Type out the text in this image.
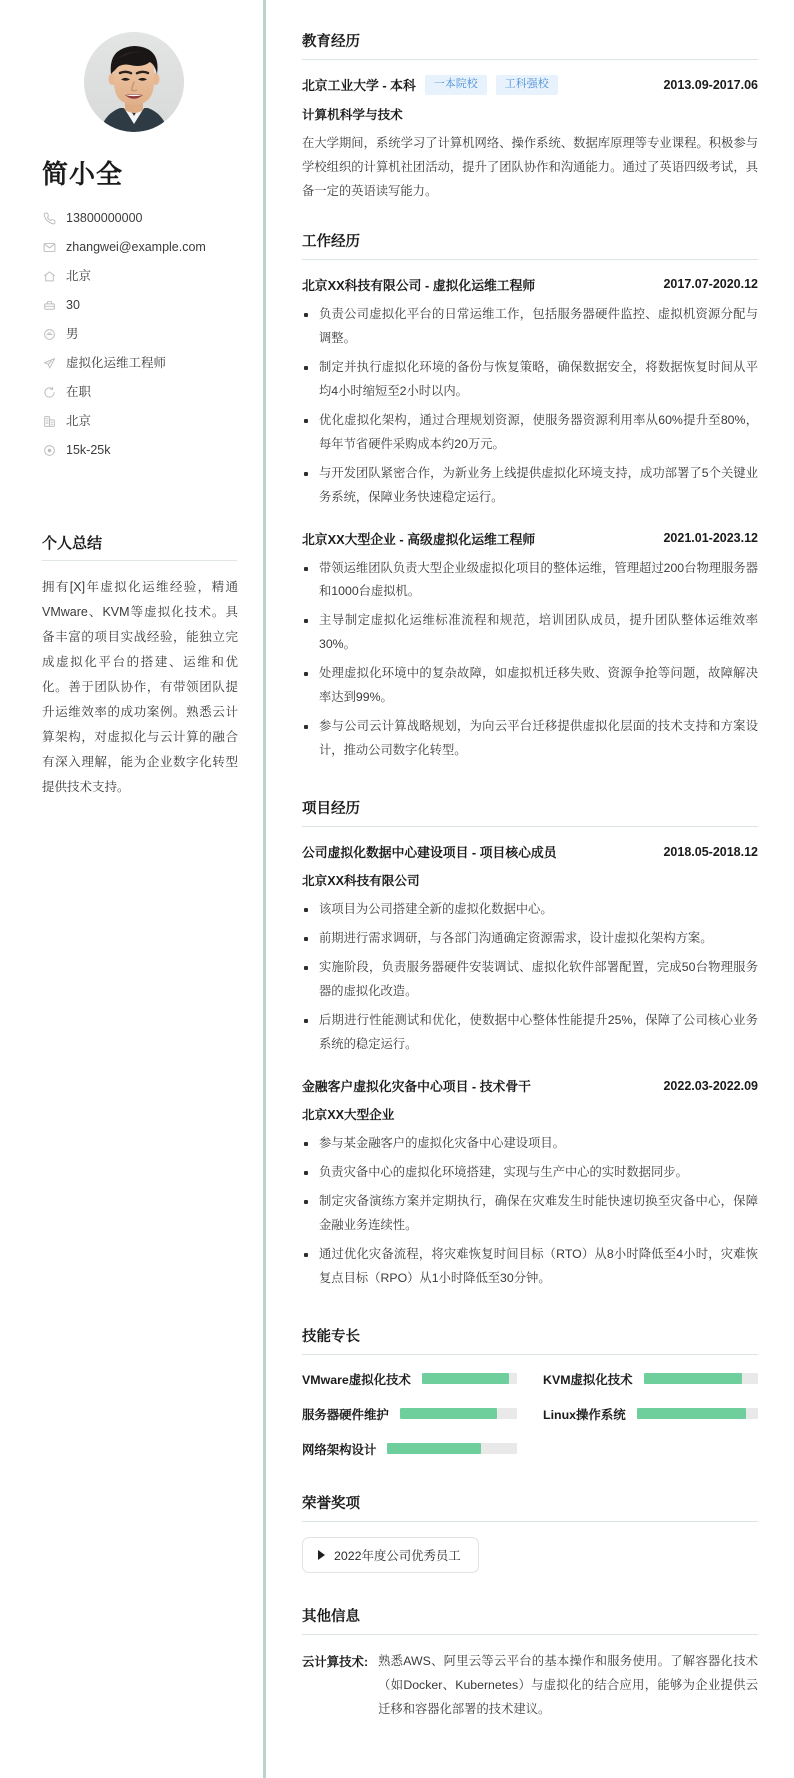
简小全
13800000000
zhangwei@example.com
北京
30
男
虚拟化运维工程师
在职
北京
15k-25k
个人总结

拥有[X]年虚拟化运维经验，精通VMware、KVM等虚拟化技术。具备丰富的项目实战经验，能独立完成虚拟化平台的搭建、运维和优化。善于团队协作，有带领团队提升运维效率的成功案例。熟悉云计算架构，对虚拟化与云计算的融合有深入理解，能为企业数字化转型提供技术支持。

教育经历
北京工业大学 - 本科	一本院校	工科强校	2013.09-2017.06
计算机科学与技术

在大学期间，系统学习了计算机网络、操作系统、数据库原理等专业课程。积极参与学校组织的计算机社团活动，提升了团队协作和沟通能力。通过了英语四级考试，具备一定的英语读写能力。

工作经历
北京XX科技有限公司 - 虚拟化运维工程师	2017.07-2020.12
负责公司虚拟化平台的日常运维工作，包括服务器硬件监控、虚拟机资源分配与调整。
制定并执行虚拟化环境的备份与恢复策略，确保数据安全，将数据恢复时间从平均4小时缩短至2小时以内。
优化虚拟化架构，通过合理规划资源，使服务器资源利用率从60%提升至80%，每年节省硬件采购成本约20万元。
与开发团队紧密合作，为新业务上线提供虚拟化环境支持，成功部署了5个关键业务系统，保障业务快速稳定运行。
北京XX大型企业 - 高级虚拟化运维工程师	2021.01-2023.12
带领运维团队负责大型企业级虚拟化项目的整体运维，管理超过200台物理服务器和1000台虚拟机。
主导制定虚拟化运维标准流程和规范，培训团队成员，提升团队整体运维效率30%。
处理虚拟化环境中的复杂故障，如虚拟机迁移失败、资源争抢等问题，故障解决率达到99%。
参与公司云计算战略规划，为向云平台迁移提供虚拟化层面的技术支持和方案设计，推动公司数字化转型。
项目经历
公司虚拟化数据中心建设项目 - 项目核心成员	2018.05-2018.12
北京XX科技有限公司
该项目为公司搭建全新的虚拟化数据中心。
前期进行需求调研，与各部门沟通确定资源需求，设计虚拟化架构方案。
实施阶段，负责服务器硬件安装调试、虚拟化软件部署配置，完成50台物理服务器的虚拟化改造。
后期进行性能测试和优化，使数据中心整体性能提升25%，保障了公司核心业务系统的稳定运行。
金融客户虚拟化灾备中心项目 - 技术骨干	2022.03-2022.09
北京XX大型企业
参与某金融客户的虚拟化灾备中心建设项目。
负责灾备中心的虚拟化环境搭建，实现与生产中心的实时数据同步。
制定灾备演练方案并定期执行，确保在灾难发生时能快速切换至灾备中心，保障金融业务连续性。
通过优化灾备流程，将灾难恢复时间目标（RTO）从8小时降低至4小时，灾难恢复点目标（RPO）从1小时降低至30分钟。
技能专长
VMware虚拟化技术	KVM虚拟化技术
服务器硬件维护	Linux操作系统
网络架构设计
荣誉奖项
2022年度公司优秀员工
其他信息
云计算技术: 熟悉AWS、阿里云等云平台的基本操作和服务使用。了解容器化技术（如Docker、Kubernetes）与虚拟化的结合应用，能够为企业提供云迁移和容器化部署的技术建议。
